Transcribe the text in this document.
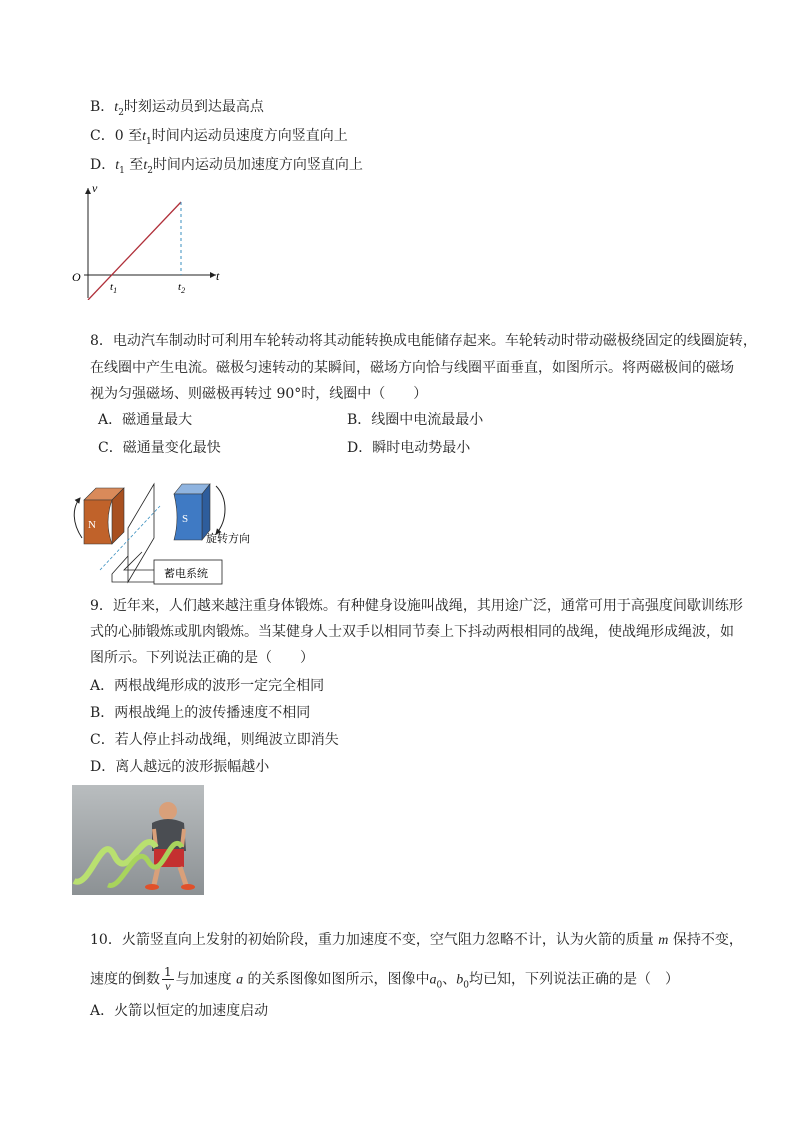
B．$t_2$时刻运动员到达最高点
C．0 至$t_1$时间内运动员速度方向竖直向上
D．$t_1$ 至$t_2$时间内运动员加速度方向竖直向上
v
t
O
$t_1$	$t_2$
8．电动汽车制动时可利用车轮转动将其动能转换成电能储存起来。车轮转动时带动磁极绕固定的线圈旋转，
在线圈中产生电流。磁极匀速转动的某瞬间，磁场方向恰与线圈平面垂直，如图所示。将两磁极间的磁场
视为匀强磁场、则磁极再转过 90°时，线圈中（　　）
A．磁通量最大	B．线圈中电流最最小
C．磁通量变化最快	D．瞬时电动势最小
N	S
旋转方向
蓄电系统
9．近年来，人们越来越注重身体锻炼。有种健身设施叫战绳，其用途广泛，通常可用于高强度间歇训练形
式的心肺锻炼或肌肉锻炼。当某健身人士双手以相同节奏上下抖动两根相同的战绳，使战绳形成绳波，如
图所示。下列说法正确的是（　　）
A．两根战绳形成的波形一定完全相同
B．两根战绳上的波传播速度不相同
C．若人停止抖动战绳，则绳波立即消失
D．离人越远的波形振幅越小
10．火箭竖直向上发射的初始阶段，重力加速度不变，空气阻力忽略不计，认为火箭的质量 m 保持不变，
速度的倒数 $\frac{1}{v}$ 与加速度 a 的关系图像如图所示，图像中$a_0$、$b_0$均已知，下列说法正确的是（　）
A．火箭以恒定的加速度启动
